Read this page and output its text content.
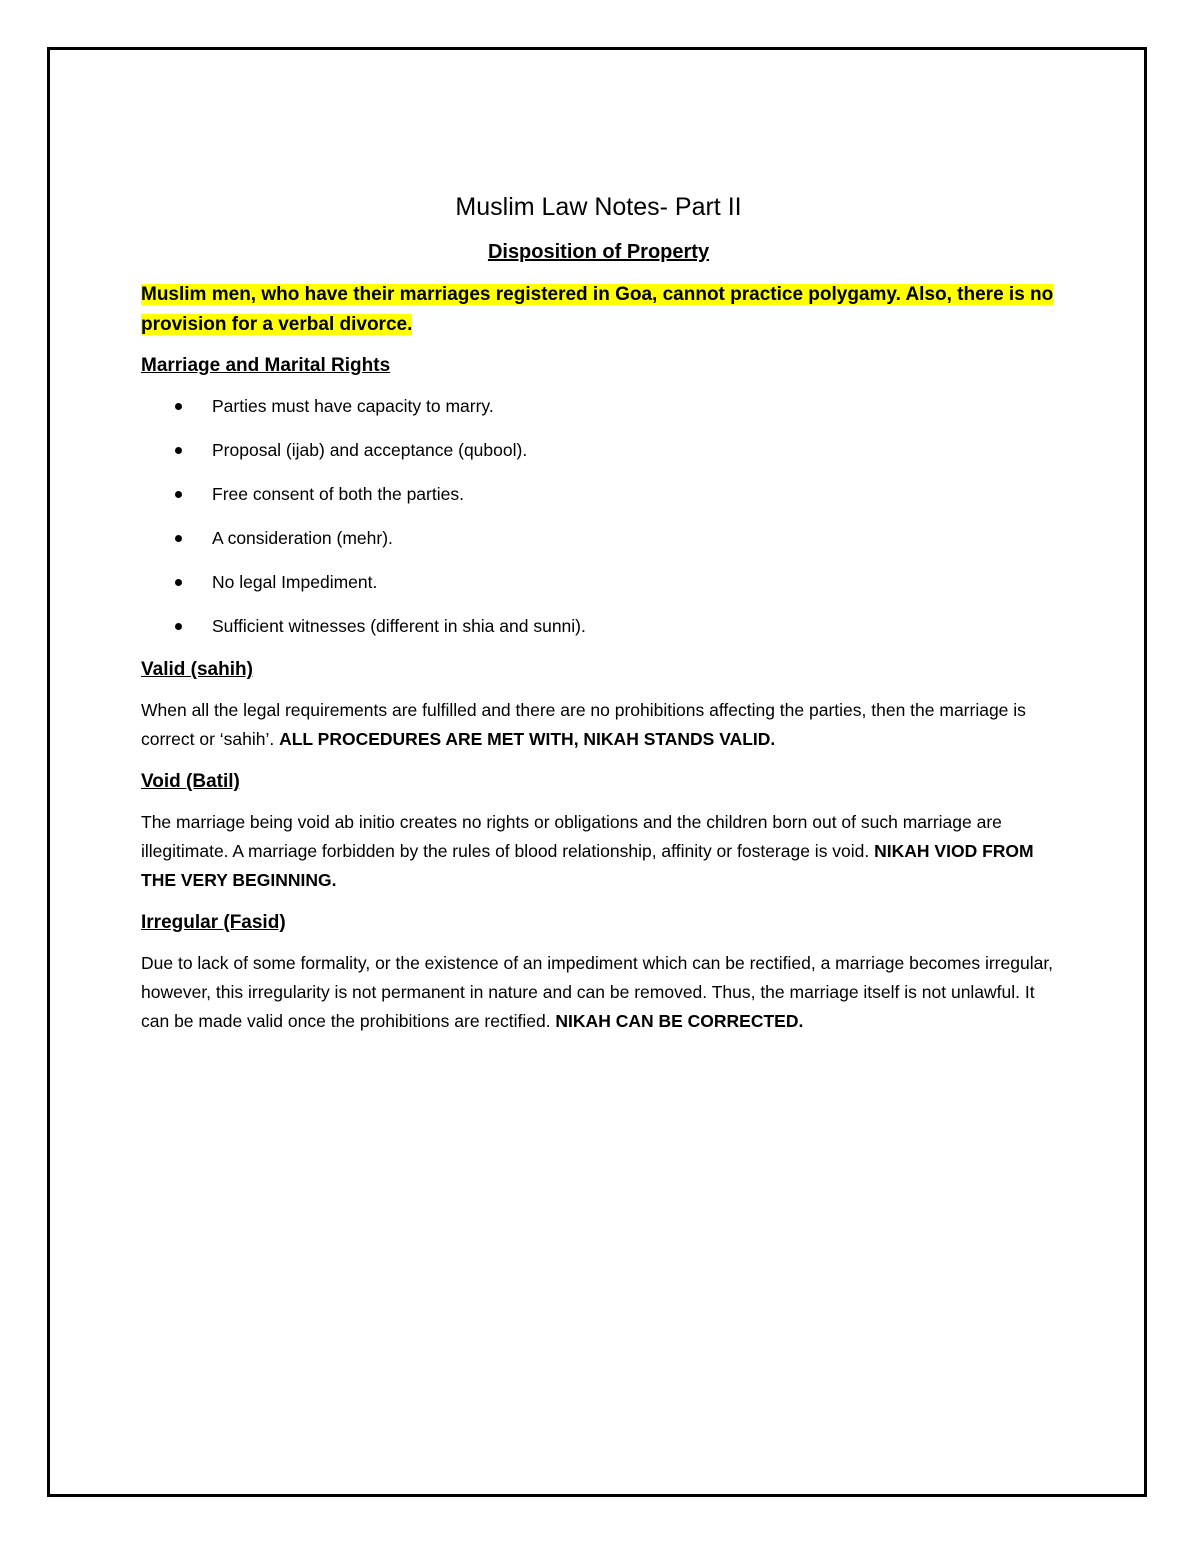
Muslim Law Notes- Part II
Disposition of Property

Muslim men, who have their marriages registered in Goa, cannot practice polygamy. Also, there is no provision for a verbal divorce.

Marriage and Marital Rights
Parties must have capacity to marry.
Proposal (ijab) and acceptance (qubool).
Free consent of both the parties.
A consideration (mehr).
No legal Impediment.
Sufficient witnesses (different in shia and sunni).
Valid (sahih)

When all the legal requirements are fulfilled and there are no prohibitions affecting the parties, then the marriage is correct or ‘sahih’. ALL PROCEDURES ARE MET WITH, NIKAH STANDS VALID.

Void (Batil)

The marriage being void ab initio creates no rights or obligations and the children born out of such marriage are illegitimate. A marriage forbidden by the rules of blood relationship, affinity or fosterage is void. NIKAH VIOD FROM THE VERY BEGINNING.

Irregular (Fasid)

Due to lack of some formality, or the existence of an impediment which can be rectified, a marriage becomes irregular, however, this irregularity is not permanent in nature and can be removed. Thus, the marriage itself is not unlawful. It can be made valid once the prohibitions are rectified. NIKAH CAN BE CORRECTED.
